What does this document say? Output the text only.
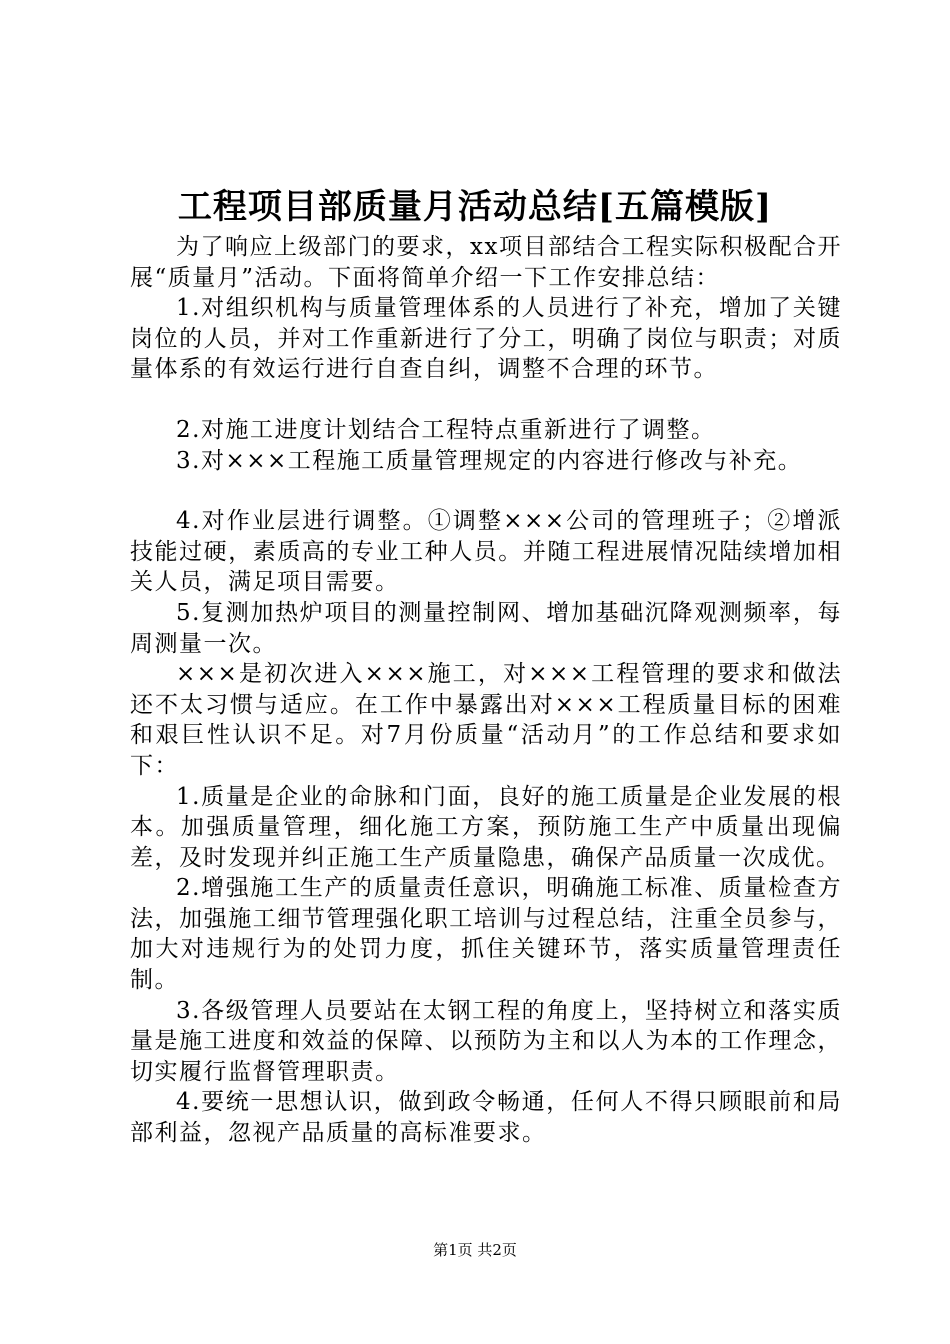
工程项目部质量月活动总结[五篇模版]

为了响应上级部门的要求，xx项目部结合工程实际积极配合开展“质量月”活动。下面将简单介绍一下工作安排总结：

1.对组织机构与质量管理体系的人员进行了补充，增加了关键岗位的人员，并对工作重新进行了分工，明确了岗位与职责；对质量体系的有效运行进行自查自纠，调整不合理的环节。

2.对施工进度计划结合工程特点重新进行了调整。

3.对×××工程施工质量管理规定的内容进行修改与补充。

4.对作业层进行调整。①调整×××公司的管理班子；②增派技能过硬，素质高的专业工种人员。并随工程进展情况陆续增加相关人员，满足项目需要。

5.复测加热炉项目的测量控制网、增加基础沉降观测频率，每周测量一次。

×××是初次进入×××施工，对×××工程管理的要求和做法还不太习惯与适应。在工作中暴露出对×××工程质量目标的困难和艰巨性认识不足。对7月份质量“活动月”的工作总结和要求如下：

1.质量是企业的命脉和门面，良好的施工质量是企业发展的根本。加强质量管理，细化施工方案，预防施工生产中质量出现偏差，及时发现并纠正施工生产质量隐患，确保产品质量一次成优。

2.增强施工生产的质量责任意识，明确施工标准、质量检查方法，加强施工细节管理强化职工培训与过程总结，注重全员参与，加大对违规行为的处罚力度，抓住关键环节，落实质量管理责任制。

3.各级管理人员要站在太钢工程的角度上，坚持树立和落实质量是施工进度和效益的保障、以预防为主和以人为本的工作理念，切实履行监督管理职责。

4.要统一思想认识，做到政令畅通，任何人不得只顾眼前和局部利益，忽视产品质量的高标准要求。

第1页 共2页
